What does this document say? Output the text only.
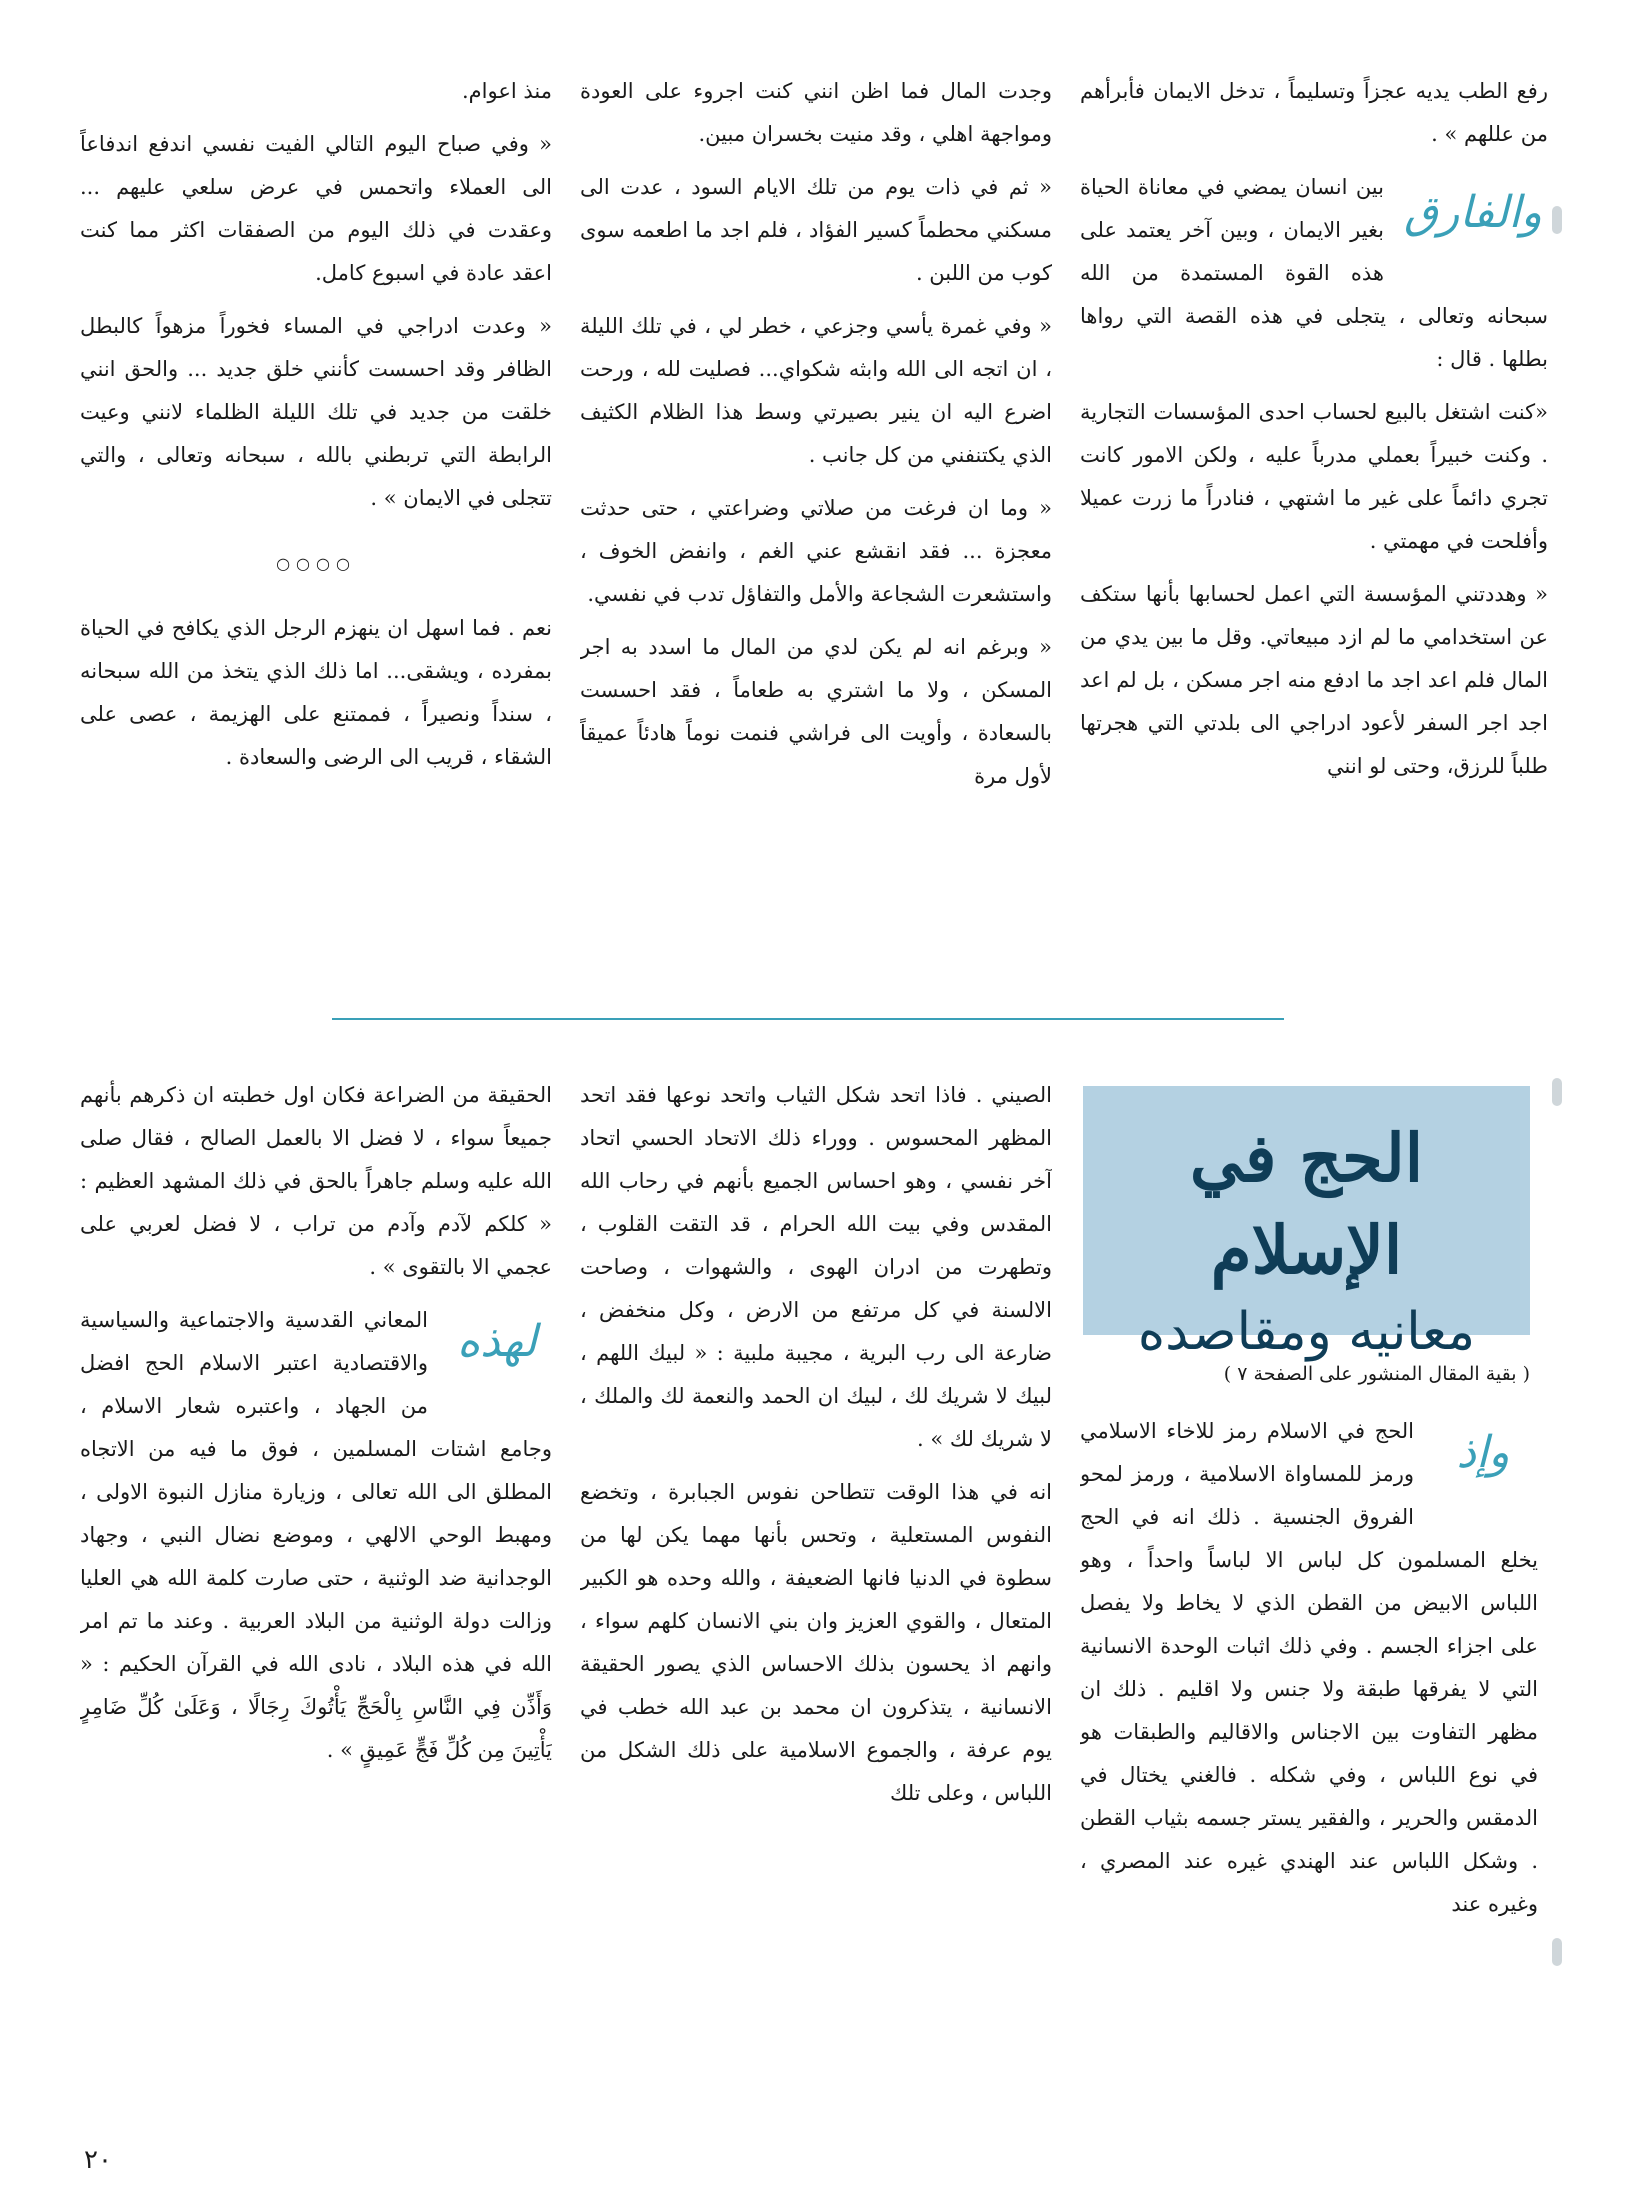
رفع الطب يديه عجزاً وتسليماً ، تدخل الايمان فأبرأهم من عللهم » .

والفارق

بين انسان يمضي في معاناة الحياة بغير الايمان ، وبين آخر يعتمد على هذه القوة المستمدة من الله سبحانه وتعالى ، يتجلى في هذه القصة التي رواها بطلها . قال :

«كنت اشتغل بالبيع لحساب احدى المؤسسات التجارية . وكنت خبيراً بعملي مدرباً عليه ، ولكن الامور كانت تجري دائماً على غير ما اشتهي ، فنادراً ما زرت عميلا وأفلحت في مهمتي .

« وهددتني المؤسسة التي اعمل لحسابها بأنها ستكف عن استخدامي ما لم ازد مبيعاتي. وقل ما بين يدي من المال فلم اعد اجد ما ادفع منه اجر مسكن ، بل لم اعد اجد اجر السفر لأعود ادراجي الى بلدتي التي هجرتها طلباً للرزق، وحتى لو انني

وجدت المال فما اظن انني كنت اجروء على العودة ومواجهة اهلي ، وقد منيت بخسران مبين.

« ثم في ذات يوم من تلك الايام السود ، عدت الى مسكني محطماً كسير الفؤاد ، فلم اجد ما اطعمه سوى كوب من اللبن .

« وفي غمرة يأسي وجزعي ، خطر لي ، في تلك الليلة ، ان اتجه الى الله وابثه شكواي... فصليت لله ، ورحت اضرع اليه ان ينير بصيرتي وسط هذا الظلام الكثيف الذي يكتنفني من كل جانب .

« وما ان فرغت من صلاتي وضراعتي ، حتى حدثت معجزة ... فقد انقشع عني الغم ، وانفض الخوف ، واستشعرت الشجاعة والأمل والتفاؤل تدب في نفسي.

« وبرغم انه لم يكن لدي من المال ما اسدد به اجر المسكن ، ولا ما اشتري به طعاماً ، فقد احسست بالسعادة ، وأويت الى فراشي فنمت نوماً هادئاً عميقاً لأول مرة

منذ اعوام.

« وفي صباح اليوم التالي الفيت نفسي اندفع اندفاعاً الى العملاء واتحمس في عرض سلعي عليهم ... وعقدت في ذلك اليوم من الصفقات اكثر مما كنت اعقد عادة في اسبوع كامل.

« وعدت ادراجي في المساء فخوراً مزهواً كالبطل الظافر وقد احسست كأنني خلق جديد ... والحق انني خلقت من جديد في تلك الليلة الظلماء لانني وعيت الرابطة التي تربطني بالله ، سبحانه وتعالى ، والتي تتجلى في الايمان » .

○○○○

نعم . فما اسهل ان ينهزم الرجل الذي يكافح في الحياة بمفرده ، ويشقى... اما ذلك الذي يتخذ من الله سبحانه ، سنداً ونصيراً ، فممتنع على الهزيمة ، عصى على الشقاء ، قريب الى الرضى والسعادة .

الحج في الإسلام
معانيه ومقاصده
( بقية المقال المنشور على الصفحة ٧ )
وإذ

الحج في الاسلام رمز للاخاء الاسلامي ورمز للمساواة الاسلامية ، ورمز لمحو الفروق الجنسية . ذلك انه في الحج يخلع المسلمون كل لباس الا لباساً واحداً ، وهو اللباس الابيض من القطن الذي لا يخاط ولا يفصل على اجزاء الجسم . وفي ذلك اثبات الوحدة الانسانية التي لا يفرقها طبقة ولا جنس ولا اقليم . ذلك ان مظهر التفاوت بين الاجناس والاقاليم والطبقات هو في نوع اللباس ، وفي شكله . فالغني يختال في الدمقس والحرير ، والفقير يستر جسمه بثياب القطن . وشكل اللباس عند الهندي غيره عند المصري ، وغيره عند

الصيني . فاذا اتحد شكل الثياب واتحد نوعها فقد اتحد المظهر المحسوس . ووراء ذلك الاتحاد الحسي اتحاد آخر نفسي ، وهو احساس الجميع بأنهم في رحاب الله المقدس وفي بيت الله الحرام ، قد التقت القلوب ، وتطهرت من ادران الهوى ، والشهوات ، وصاحت الالسنة في كل مرتفع من الارض ، وكل منخفض ، ضارعة الى رب البرية ، مجيبة ملبية : « لبيك اللهم ، لبيك لا شريك لك ، لبيك ان الحمد والنعمة لك والملك ، لا شريك لك » .

انه في هذا الوقت تتطاحن نفوس الجبابرة ، وتخضع النفوس المستعلية ، وتحس بأنها مهما يكن لها من سطوة في الدنيا فانها الضعيفة ، والله وحده هو الكبير المتعال ، والقوي العزيز وان بني الانسان كلهم سواء ، وانهم اذ يحسون بذلك الاحساس الذي يصور الحقيقة الانسانية ، يتذكرون ان محمد بن عبد الله خطب في يوم عرفة ، والجموع الاسلامية على ذلك الشكل من اللباس ، وعلى تلك

الحقيقة من الضراعة فكان اول خطبته ان ذكرهم بأنهم جميعاً سواء ، لا فضل الا بالعمل الصالح ، فقال صلى الله عليه وسلم جاهراً بالحق في ذلك المشهد العظيم : « كلكم لآدم وآدم من تراب ، لا فضل لعربي على عجمي الا بالتقوى » .

لهذه

المعاني القدسية والاجتماعية والسياسية والاقتصادية اعتبر الاسلام الحج افضل من الجهاد ، واعتبره شعار الاسلام ، وجامع اشتات المسلمين ، فوق ما فيه من الاتجاه المطلق الى الله تعالى ، وزيارة منازل النبوة الاولى ، ومهبط الوحي الالهي ، وموضع نضال النبي ، وجهاد الوجدانية ضد الوثنية ، حتى صارت كلمة الله هي العليا وزالت دولة الوثنية من البلاد العربية . وعند ما تم امر الله في هذه البلاد ، نادى الله في القرآن الحكيم : « وَأَذِّن فِي النَّاسِ بِالْحَجِّ يَأْتُوكَ رِجَالًا ، وَعَلَىٰ كُلِّ ضَامِرٍ يَأْتِينَ مِن كُلِّ فَجٍّ عَمِيقٍ » .

٢٠
